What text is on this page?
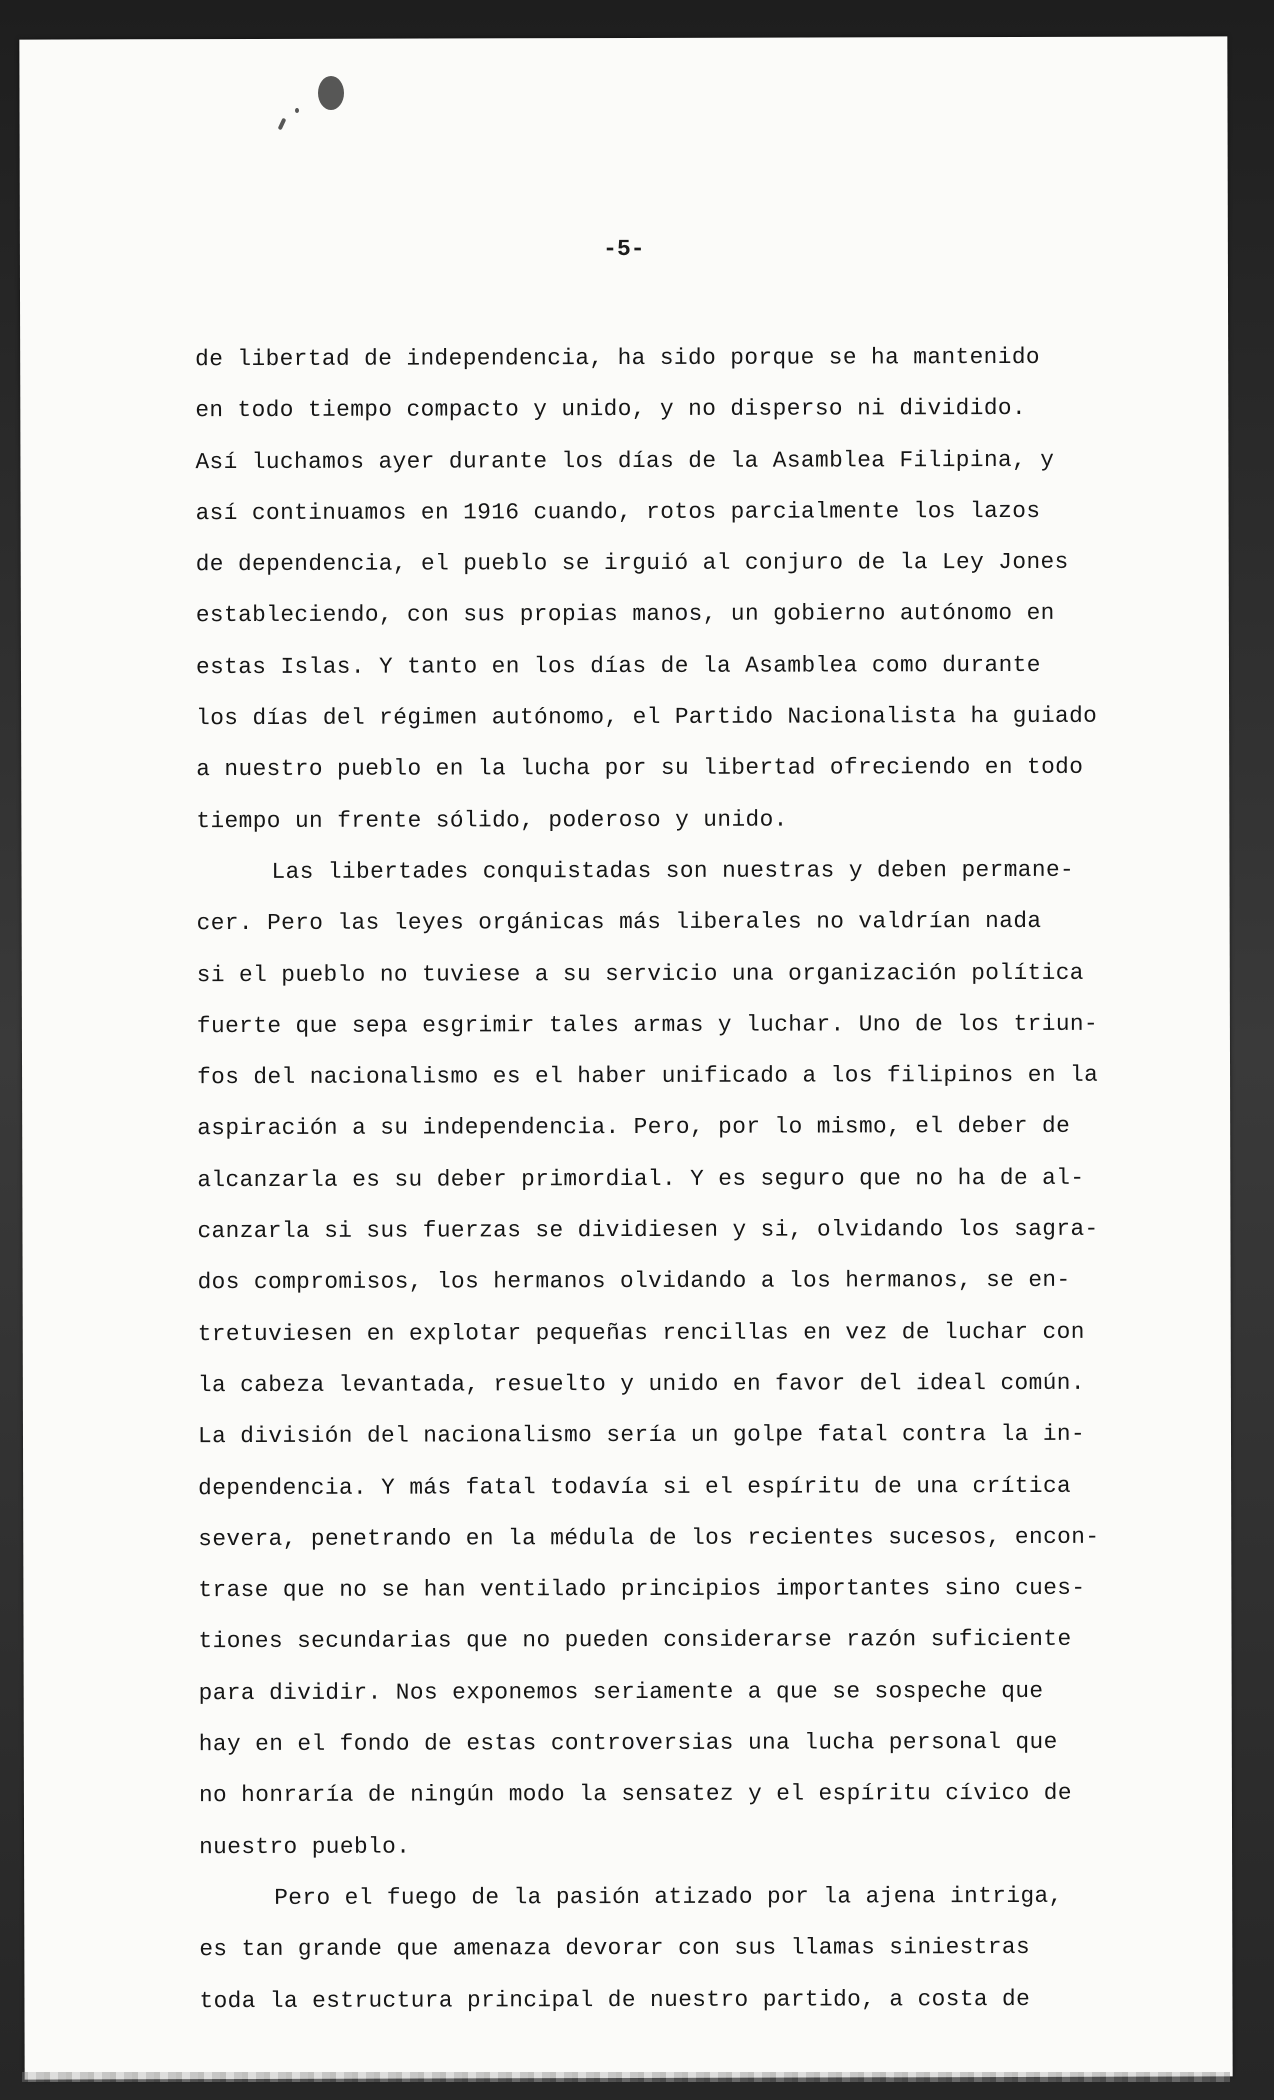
-5-
de libertad de independencia, ha sido porque se ha mantenido
en todo tiempo compacto y unido, y no disperso ni dividido.
Así luchamos ayer durante los días de la Asamblea Filipina, y
así continuamos en 1916 cuando, rotos parcialmente los lazos
de dependencia, el pueblo se irguió al conjuro de la Ley Jones
estableciendo, con sus propias manos, un gobierno autónomo en
estas Islas. Y tanto en los días de la Asamblea como durante
los días del régimen autónomo, el Partido Nacionalista ha guiado
a nuestro pueblo en la lucha por su libertad ofreciendo en todo
tiempo un frente sólido, poderoso y unido.
Las libertades conquistadas son nuestras y deben permane-
cer. Pero las leyes orgánicas más liberales no valdrían nada
si el pueblo no tuviese a su servicio una organización política
fuerte que sepa esgrimir tales armas y luchar. Uno de los triun-
fos del nacionalismo es el haber unificado a los filipinos en la
aspiración a su independencia. Pero, por lo mismo, el deber de
alcanzarla es su deber primordial. Y es seguro que no ha de al-
canzarla si sus fuerzas se dividiesen y si, olvidando los sagra-
dos compromisos, los hermanos olvidando a los hermanos, se en-
tretuviesen en explotar pequeñas rencillas en vez de luchar con
la cabeza levantada, resuelto y unido en favor del ideal común.
La división del nacionalismo sería un golpe fatal contra la in-
dependencia. Y más fatal todavía si el espíritu de una crítica
severa, penetrando en la médula de los recientes sucesos, encon-
trase que no se han ventilado principios importantes sino cues-
tiones secundarias que no pueden considerarse razón suficiente
para dividir. Nos exponemos seriamente a que se sospeche que
hay en el fondo de estas controversias una lucha personal que
no honraría de ningún modo la sensatez y el espíritu cívico de
nuestro pueblo.
Pero el fuego de la pasión atizado por la ajena intriga,
es tan grande que amenaza devorar con sus llamas siniestras
toda la estructura principal de nuestro partido, a costa de
